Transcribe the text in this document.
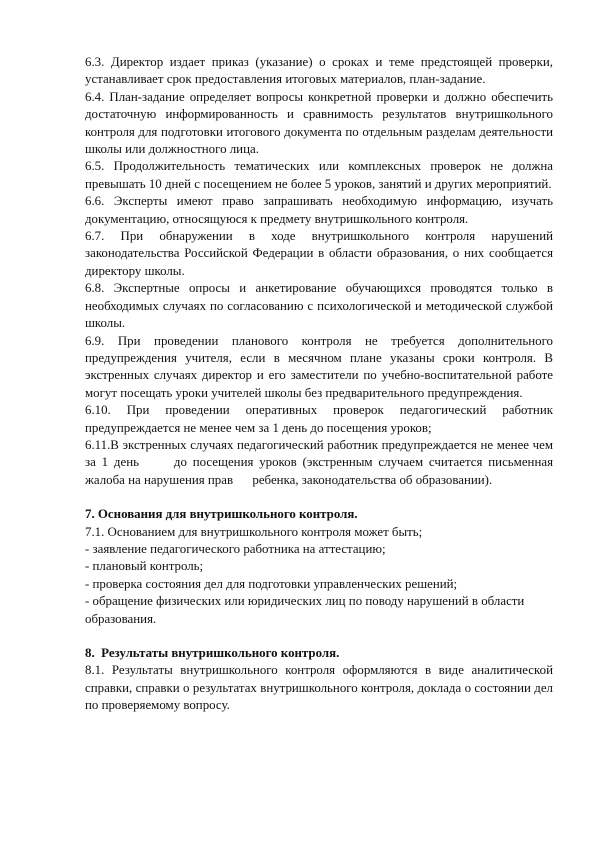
6.3. Директор издает приказ (указание) о сроках и теме предстоящей проверки, устанавливает срок предоставления итоговых материалов, план-задание.

6.4. План-задание определяет вопросы конкретной проверки и должно обеспечить достаточную информированность и сравнимость результатов внутришкольного контроля для подготовки итогового документа по отдельным разделам деятельности школы или должностного лица.

6.5. Продолжительность тематических или комплексных проверок не должна превышать 10 дней с посещением не более 5 уроков, занятий и других мероприятий.

6.6. Эксперты имеют право запрашивать необходимую информацию, изучать документацию, относящуюся к предмету внутришкольного контроля.

6.7. При обнаружении в ходе внутришкольного контроля нарушений законодательства Российской Федерации в области образования, о них сообщается директору школы.

6.8. Экспертные опросы и анкетирование обучающихся проводятся только в необходимых случаях по согласованию с психологической и методической службой школы.

6.9. При проведении планового контроля не требуется дополнительного предупреждения учителя, если в месячном плане указаны сроки контроля. В экстренных случаях директор и его заместители по учебно-воспитательной работе могут посещать уроки учителей школы без предварительного предупреждения.

6.10. При проведении оперативных проверок педагогический работник предупреждается не менее чем за 1 день до посещения уроков;

6.11.В экстренных случаях педагогический работник предупреждается не менее чем за 1 день      до посещения уроков (экстренным случаем считается письменная жалоба на нарушения прав      ребенка, законодательства об образовании).

7. Основания для внутришкольного контроля.

7.1. Основанием для внутришкольного контроля может быть;

- заявление педагогического работника на аттестацию;

- плановый контроль;

- проверка состояния дел для подготовки управленческих решений;

- обращение физических или юридических лиц по поводу нарушений в области образования.

8.  Результаты внутришкольного контроля.

8.1. Результаты внутришкольного контроля оформляются в виде аналитической справки, справки о результатах внутришкольного контроля, доклада о состоянии дел по проверяемому вопросу.
